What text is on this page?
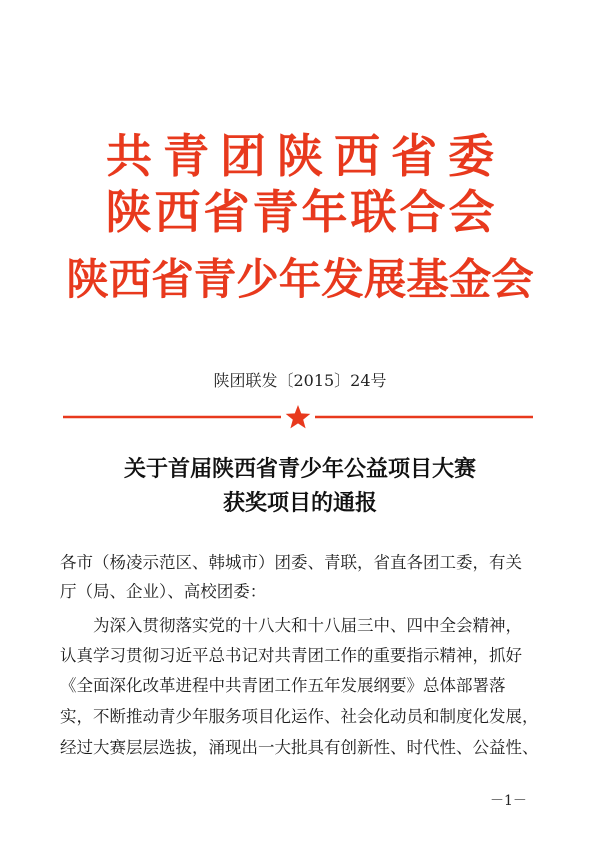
共青团陕西省委
陕西省青年联合会
陕西省青少年发展基金会
陕团联发〔2015〕24号
关于首届陕西省青少年公益项目大赛
获奖项目的通报
各市（杨凌示范区、韩城市）团委、青联，省直各团工委，有关
厅（局、企业）、高校团委：
为深入贯彻落实党的十八大和十八届三中、四中全会精神，
认真学习贯彻习近平总书记对共青团工作的重要指示精神，抓好
《全面深化改革进程中共青团工作五年发展纲要》总体部署落
实，不断推动青少年服务项目化运作、社会化动员和制度化发展，
经过大赛层层选拔，涌现出一大批具有创新性、时代性、公益性、
－1－
